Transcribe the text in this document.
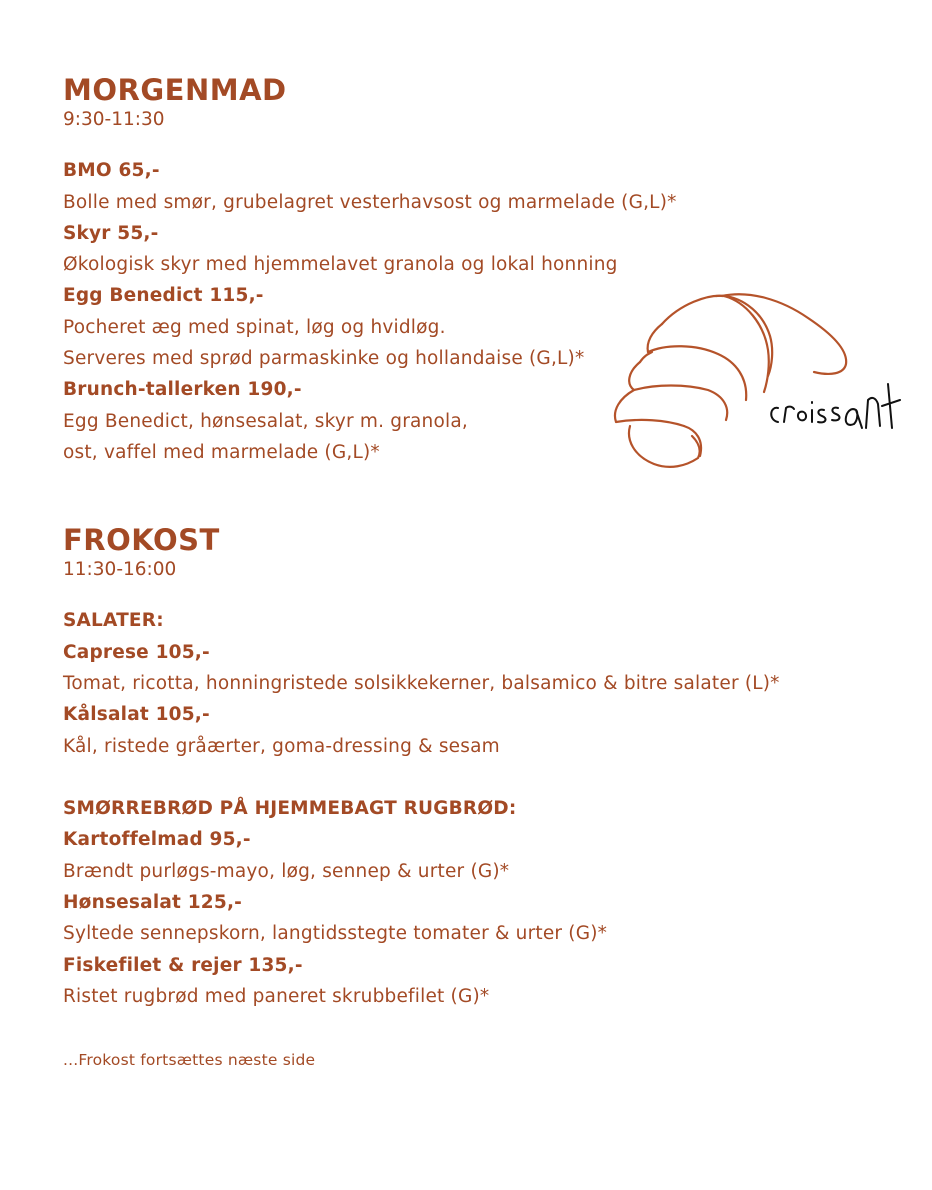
MORGENMAD
9:30-11:30
BMO 65,-
Bolle med smør, grubelagret vesterhavsost og marmelade (G,L)*
Skyr 55,-
Økologisk skyr med hjemmelavet granola og lokal honning
Egg Benedict 115,-
Pocheret æg med spinat, løg og hvidløg.
Serveres med sprød parmaskinke og hollandaise (G,L)*
Brunch-tallerken 190,-
Egg Benedict, hønsesalat, skyr m. granola,
ost, vaffel med marmelade (G,L)*
FROKOST
11:30-16:00
SALATER:
Caprese 105,-
Tomat, ricotta, honningristede solsikkekerner, balsamico & bitre salater (L)*
Kålsalat 105,-
Kål, ristede gråærter, goma-dressing & sesam
SMØRREBRØD PÅ HJEMMEBAGT RUGBRØD:
Kartoffelmad 95,-
Brændt purløgs-mayo, løg, sennep & urter (G)*
Hønsesalat 125,-
Syltede sennepskorn, langtidsstegte tomater & urter (G)*
Fiskefilet & rejer 135,-
Ristet rugbrød med paneret skrubbefilet (G)*
...Frokost fortsættes næste side
